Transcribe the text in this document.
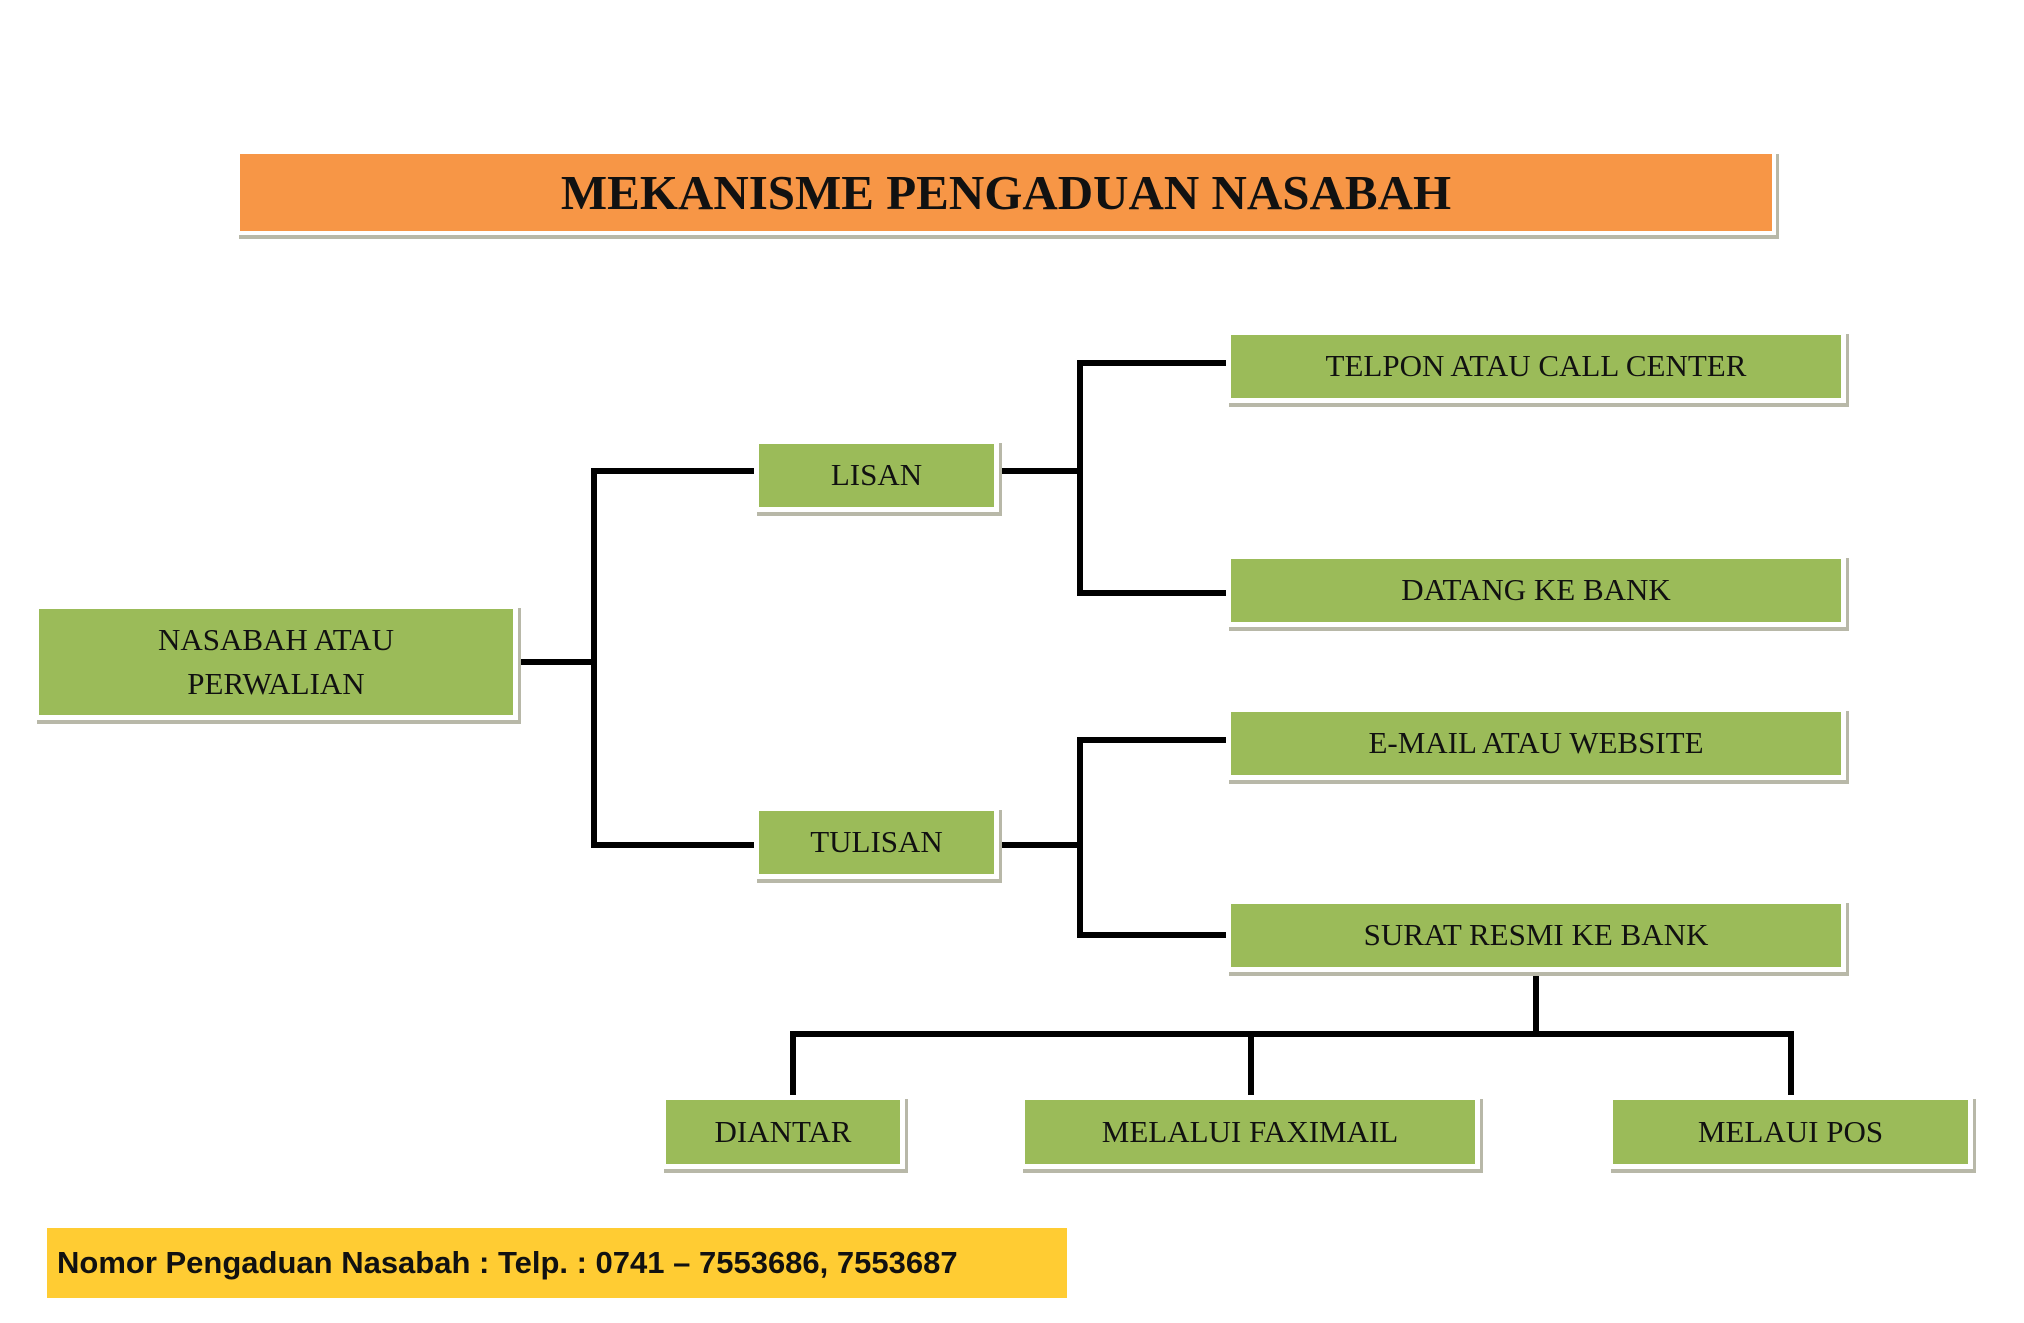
MEKANISME PENGADUAN NASABAH
NASABAH ATAU
PERWALIAN
LISAN
TULISAN
TELPON ATAU CALL CENTER
DATANG KE BANK
E-MAIL ATAU WEBSITE
SURAT RESMI KE BANK
DIANTAR	MELALUI FAXIMAIL	MELAUI POS
Nomor Pengaduan Nasabah : Telp. : 0741 – 7553686, 7553687
